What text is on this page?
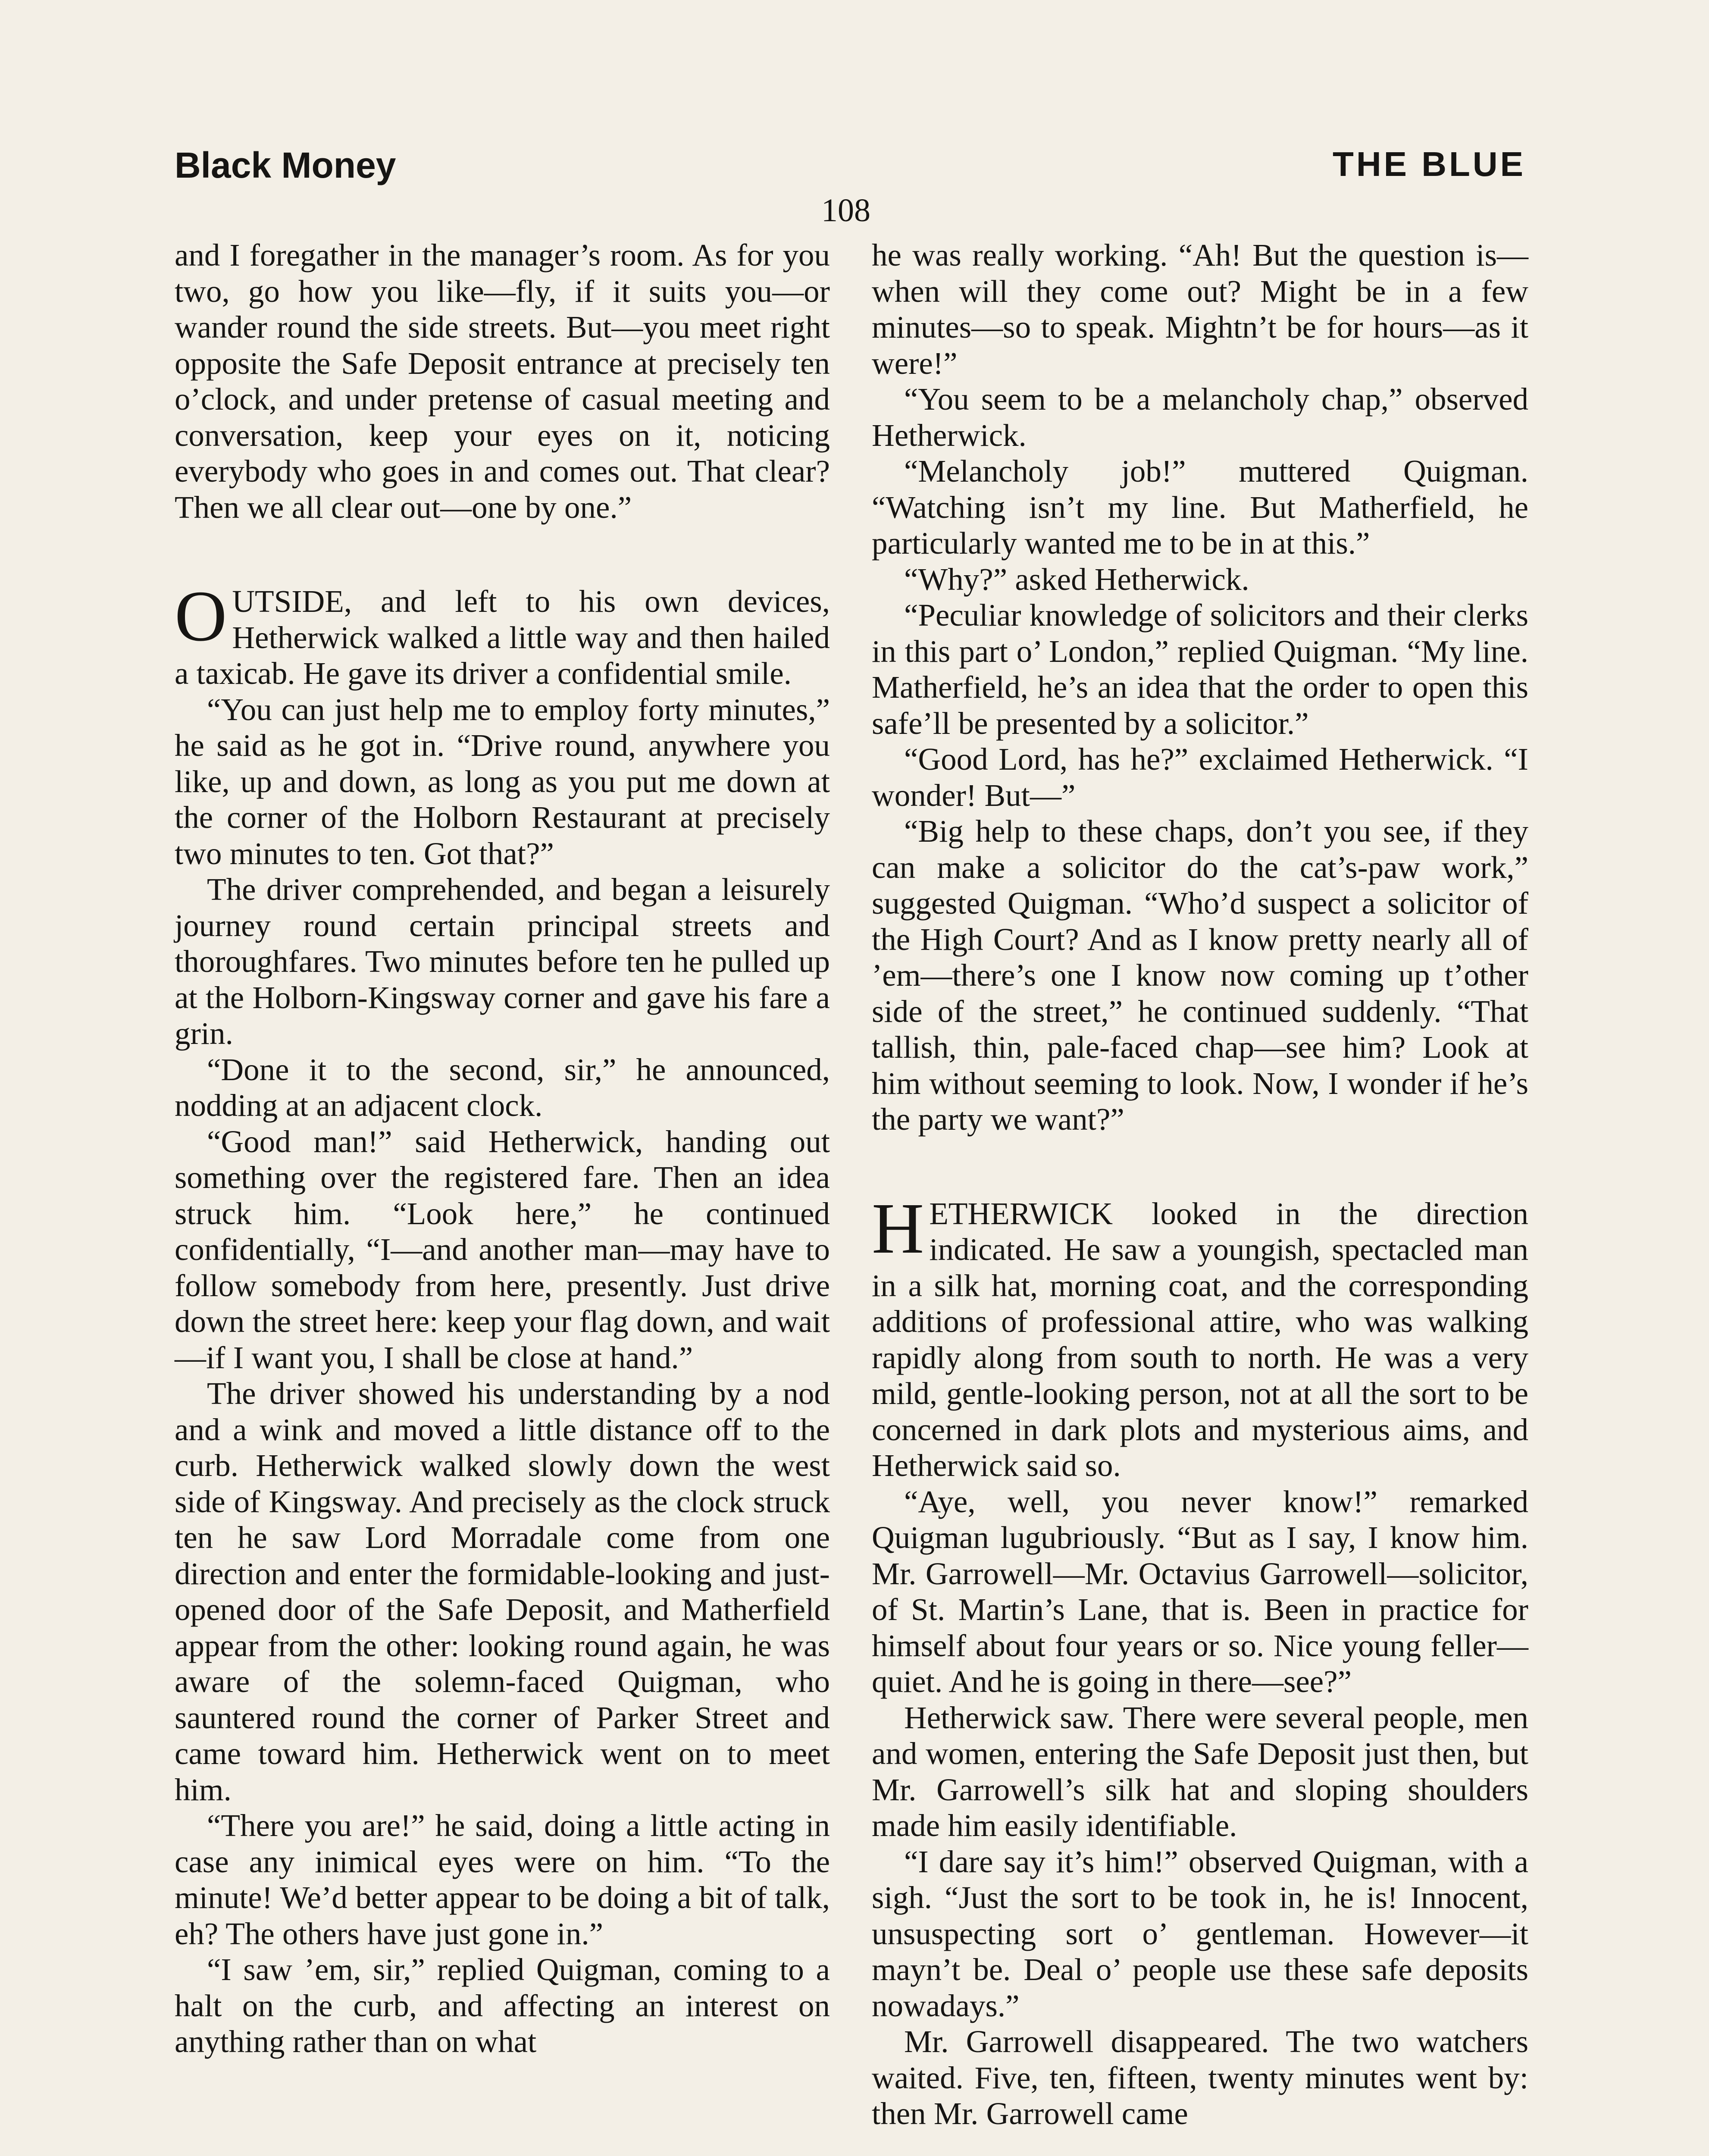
Black Money	THE BLUE
108

and I foregather in the manager’s room. As for you two, go how you like—fly, if it suits you—or wander round the side streets. But—you meet right opposite the Safe Deposit entrance at precisely ten o’clock, and under pretense of casual meeting and conversation, keep your eyes on it, noticing everybody who goes in and comes out. That clear? Then we all clear out—one by one.”

OUTSIDE, and left to his own devices, Hetherwick walked a little way and then hailed a taxicab. He gave its driver a confidential smile.

“You can just help me to employ forty minutes,” he said as he got in. “Drive round, anywhere you like, up and down, as long as you put me down at the corner of the Holborn Restaurant at precisely two minutes to ten. Got that?”

The driver comprehended, and began a leisurely journey round certain principal streets and thoroughfares. Two minutes before ten he pulled up at the Holborn-Kingsway corner and gave his fare a grin.

“Done it to the second, sir,” he announced, nodding at an adjacent clock.

“Good man!” said Hetherwick, handing out something over the registered fare. Then an idea struck him. “Look here,” he continued confidentially, “I—and another man—may have to follow somebody from here, presently. Just drive down the street here: keep your flag down, and wait—if I want you, I shall be close at hand.”

The driver showed his understanding by a nod and a wink and moved a little distance off to the curb. Hetherwick walked slowly down the west side of Kingsway. And precisely as the clock struck ten he saw Lord Morradale come from one direction and enter the formidable-looking and just-opened door of the Safe Deposit, and Matherfield appear from the other: looking round again, he was aware of the solemn-faced Quigman, who sauntered round the corner of Parker Street and came toward him. Hetherwick went on to meet him.

“There you are!” he said, doing a little acting in case any inimical eyes were on him. “To the minute! We’d better appear to be doing a bit of talk, eh? The others have just gone in.”

“I saw ’em, sir,” replied Quigman, coming to a halt on the curb, and affecting an interest on anything rather than on what

he was really working. “Ah! But the question is—when will they come out? Might be in a few minutes—so to speak. Mightn’t be for hours—as it were!”

“You seem to be a melancholy chap,” observed Hetherwick.

“Melancholy job!” muttered Quigman. “Watching isn’t my line. But Matherfield, he particularly wanted me to be in at this.”

“Why?” asked Hetherwick.

“Peculiar knowledge of solicitors and their clerks in this part o’ London,” replied Quigman. “My line. Matherfield, he’s an idea that the order to open this safe’ll be presented by a solicitor.”

“Good Lord, has he?” exclaimed Hetherwick. “I wonder! But—”

“Big help to these chaps, don’t you see, if they can make a solicitor do the cat’s-paw work,” suggested Quigman. “Who’d suspect a solicitor of the High Court? And as I know pretty nearly all of ’em—there’s one I know now coming up t’other side of the street,” he continued suddenly. “That tallish, thin, pale-faced chap—see him? Look at him without seeming to look. Now, I wonder if he’s the party we want?”

HETHERWICK looked in the direction indicated. He saw a youngish, spectacled man in a silk hat, morning coat, and the corresponding additions of professional attire, who was walking rapidly along from south to north. He was a very mild, gentle-looking person, not at all the sort to be concerned in dark plots and mysterious aims, and Hetherwick said so.

“Aye, well, you never know!” remarked Quigman lugubriously. “But as I say, I know him. Mr. Garrowell—Mr. Octavius Garrowell—solicitor, of St. Martin’s Lane, that is. Been in practice for himself about four years or so. Nice young feller—quiet. And he is going in there—see?”

Hetherwick saw. There were several people, men and women, entering the Safe Deposit just then, but Mr. Garrowell’s silk hat and sloping shoulders made him easily identifiable.

“I dare say it’s him!” observed Quigman, with a sigh. “Just the sort to be took in, he is! Innocent, unsuspecting sort o’ gentleman. However—it mayn’t be. Deal o’ people use these safe deposits nowadays.”

Mr. Garrowell disappeared. The two watchers waited. Five, ten, fifteen, twenty minutes went by: then Mr. Garrowell came
